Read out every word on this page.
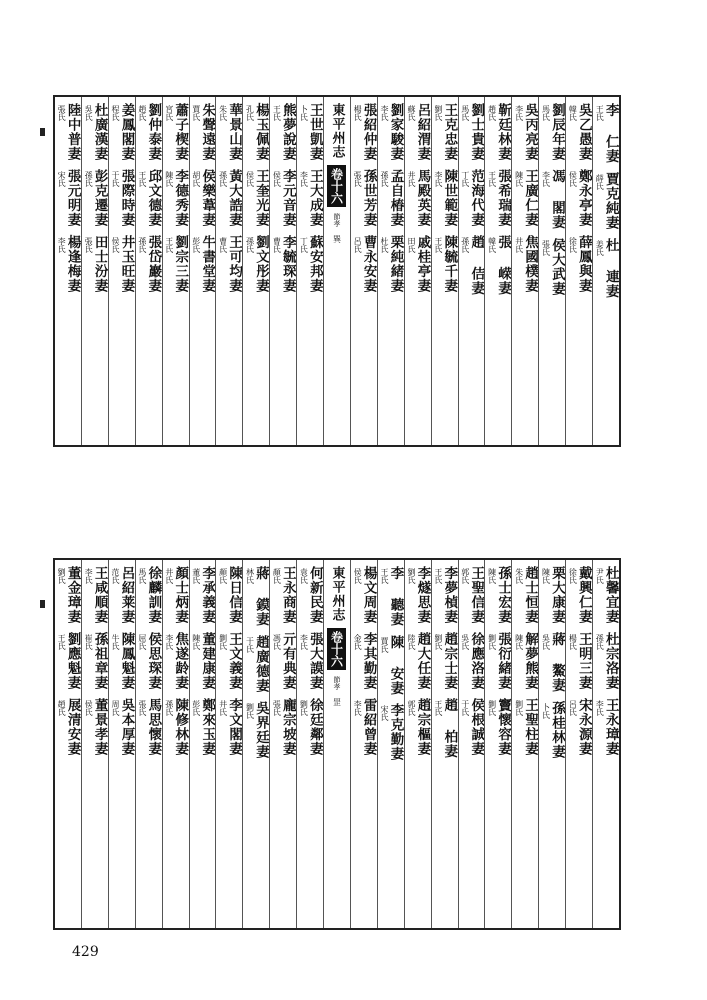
李 仁妻
王氏
賈克純妻
薛氏
杜 連妻
姜氏
吳乙愚妻
韓氏
鄭永亭妻
侯氏
薛鳳與妻
徐氏
劉辰年妻
馬氏
馮 閣妻
李氏
侯大武妻
張氏
吳丙亮妻
李氏
王廣仁妻
陳氏
焦國樸妻
井氏
靳廷林妻
趙氏
張希瑞妻
王氏
張 嵘妻
韓氏
劉士貴妻
馬氏
范海代妻
丁氏
趙 佶妻
孫氏
王克忠妻
劉氏
陳世範妻
李氏
陳毓千妻
王氏
呂紹渭妻
蘇氏
馬殿英妻
井氏
戚桂亭妻
田氏
劉家駿妻
李氏
孟自椿妻
孫氏
栗純緒妻
杜氏
張紹仲妻
楊氏
孫世芳妻
張氏
曹永安妻
呂氏
東平州志
卷十六
節孝
巽
王世凱妻
卜氏
王大成妻
李氏
蘇安邦妻
丁氏
熊夢說妻
王氏
李元音妻
侯氏
李毓琛妻
曹氏
楊玉佩妻
孔氏
王奎光妻
侯氏
劉文彤妻
孫氏
華景山妻
朱氏
黃大誥妻
孫氏
王可均妻
曹氏
朱聲遠妻
賈氏
侯樂葦妻
胡氏
牛書堂妻
彭氏
蕭子楔妻
宮氏
李德秀妻
陳氏
劉宗三妻
王氏
劉仲泰妻
趙氏
邱文德妻
王氏
張岱巖妻
孫氏
姜鳳閣妻
程氏
張際時妻
于氏
井玉旺妻
侯氏
杜廣漢妻
吳氏
彭克遷妻
孫氏
田士汾妻
張氏
陸中普妻
張氏
張元明妻
宋氏
楊逢梅妻
李氏
杜馨宜妻
尹氏
杜宗洛妻
孫氏
王永璋妻
李氏
戴興仁妻
徐氏
王明三妻
楊氏
宋永源妻
呂氏
栗大康妻
陳氏
蔣 鰲妻
吳氏
孫桂林妻
卜氏
趙士恒妻
朱氏
解夢熊妻
陳氏
王聖柱妻
劉氏
孫士宏妻
陳氏
張衍緒妻
劉氏
竇懷容妻
劉氏
王聖信妻
郭氏
徐應洛妻
吳氏
侯根誠妻
于氏
李夢楨妻
王氏
趙宗士妻
劉氏
趙 柏妻
王氏
李燧思妻
劉氏
趙大任妻
陸氏
趙宗樞妻
郭氏
李 聽妻
王氏
陳 安妻
賈氏
李克勤妻
宋氏
楊文周妻
侯氏
李其勤妻
金氏
雷紹曾妻
李氏
東平州志
卷十六
節孝
罡
何新民妻
袁氏
張大謨妻
李氏
徐廷鄰妻
劉氏
王永商妻
顏氏
亓有典妻
馮氏
龐宗坡妻
張氏
蔣 鏌妻
林氏
趙廣德妻
于氏
吳界廷妻
劉氏
陳日信妻
顏氏
王文義妻
劉氏
李文閣妻
井氏
李承義妻
董氏
董建康妻
陳氏
鄭來玉妻
彭氏
顏士炳妻
井氏
焦遂龄妻
李氏
陳修林妻
孫氏
徐麟訓妻
馬氏
侯思琛妻
屈氏
馬思懷妻
張氏
呂紹莱妻
范氏
陳鳳魁妻
牛氏
吳本厚妻
周氏
王咸順妻
李氏
孫祖章妻
崔氏
董景孝妻
侯氏
董金璋妻
劉氏
劉應魁妻
王氏
展清安妻
趙氏
429
